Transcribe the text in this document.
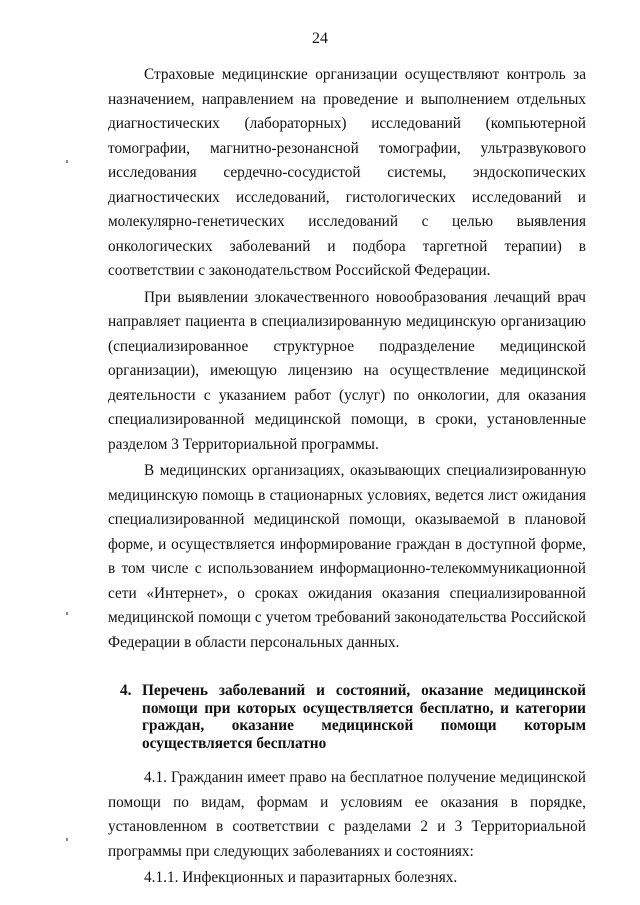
24

Страховые медицинские организации осуществляют контроль за назначением, направлением на проведение и выполнением отдельных диагностических (лабораторных) исследований (компьютерной томографии, магнитно-резонансной томографии, ультразвукового исследования сердечно-сосудистой системы, эндоскопических диагностических исследований, гистологических исследований и молекулярно-генетических исследований с целью выявления онкологических заболеваний и подбора таргетной терапии) в соответствии с законодательством Российской Федерации.

При выявлении злокачественного новообразования лечащий врач направляет пациента в специализированную медицинскую организацию (специализированное структурное подразделение медицинской организации), имеющую лицензию на осуществление медицинской деятельности с указанием работ (услуг) по онкологии, для оказания специализированной медицинской помощи, в сроки, установленные разделом 3 Территориальной программы.

В медицинских организациях, оказывающих специализированную медицинскую помощь в стационарных условиях, ведется лист ожидания специализированной медицинской помощи, оказываемой в плановой форме, и осуществляется информирование граждан в доступной форме, в том числе с использованием информационно-телекоммуникационной сети «Интернет», о сроках ожидания оказания специализированной медицинской помощи с учетом требований законодательства Российской Федерации в области персональных данных.

4. Перечень заболеваний и состояний, оказание медицинской помощи при которых осуществляется бесплатно, и категории граждан, оказание медицинской помощи которым осуществляется бесплатно

4.1. Гражданин имеет право на бесплатное получение медицинской помощи по видам, формам и условиям ее оказания в порядке, установленном в соответствии с разделами 2 и 3 Территориальной программы при следующих заболеваниях и состояниях:

4.1.1. Инфекционных и паразитарных болезнях.
